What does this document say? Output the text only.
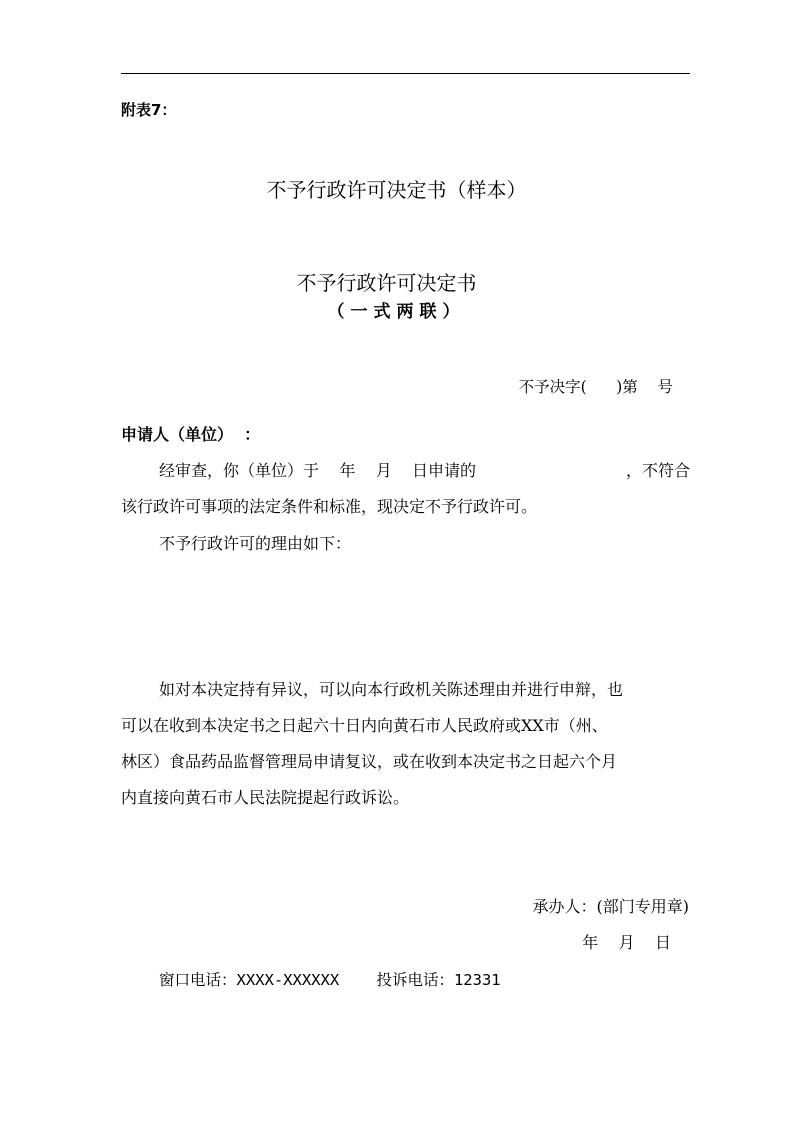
附表7：
不予行政许可决定书（样本）
不予行政许可决定书
（一式两联）
不予决字(      )第    号
申请人（单位）  ：
经审查，你（单位）于    年    月    日申请的	，不符合
该行政许可事项的法定条件和标准，现决定不予行政许可。
不予行政许可的理由如下：
如对本决定持有异议，可以向本行政机关陈述理由并进行申辩，也
可以在收到本决定书之日起六十日内向黄石市人民政府或XX市（州、
林区）食品药品监督管理局申请复议，或在收到本决定书之日起六个月
内直接向黄石市人民法院提起行政诉讼。
承办人：(部门专用章)
年    月    日
窗口电话：XXXX-XXXXXX    投诉电话：12331
